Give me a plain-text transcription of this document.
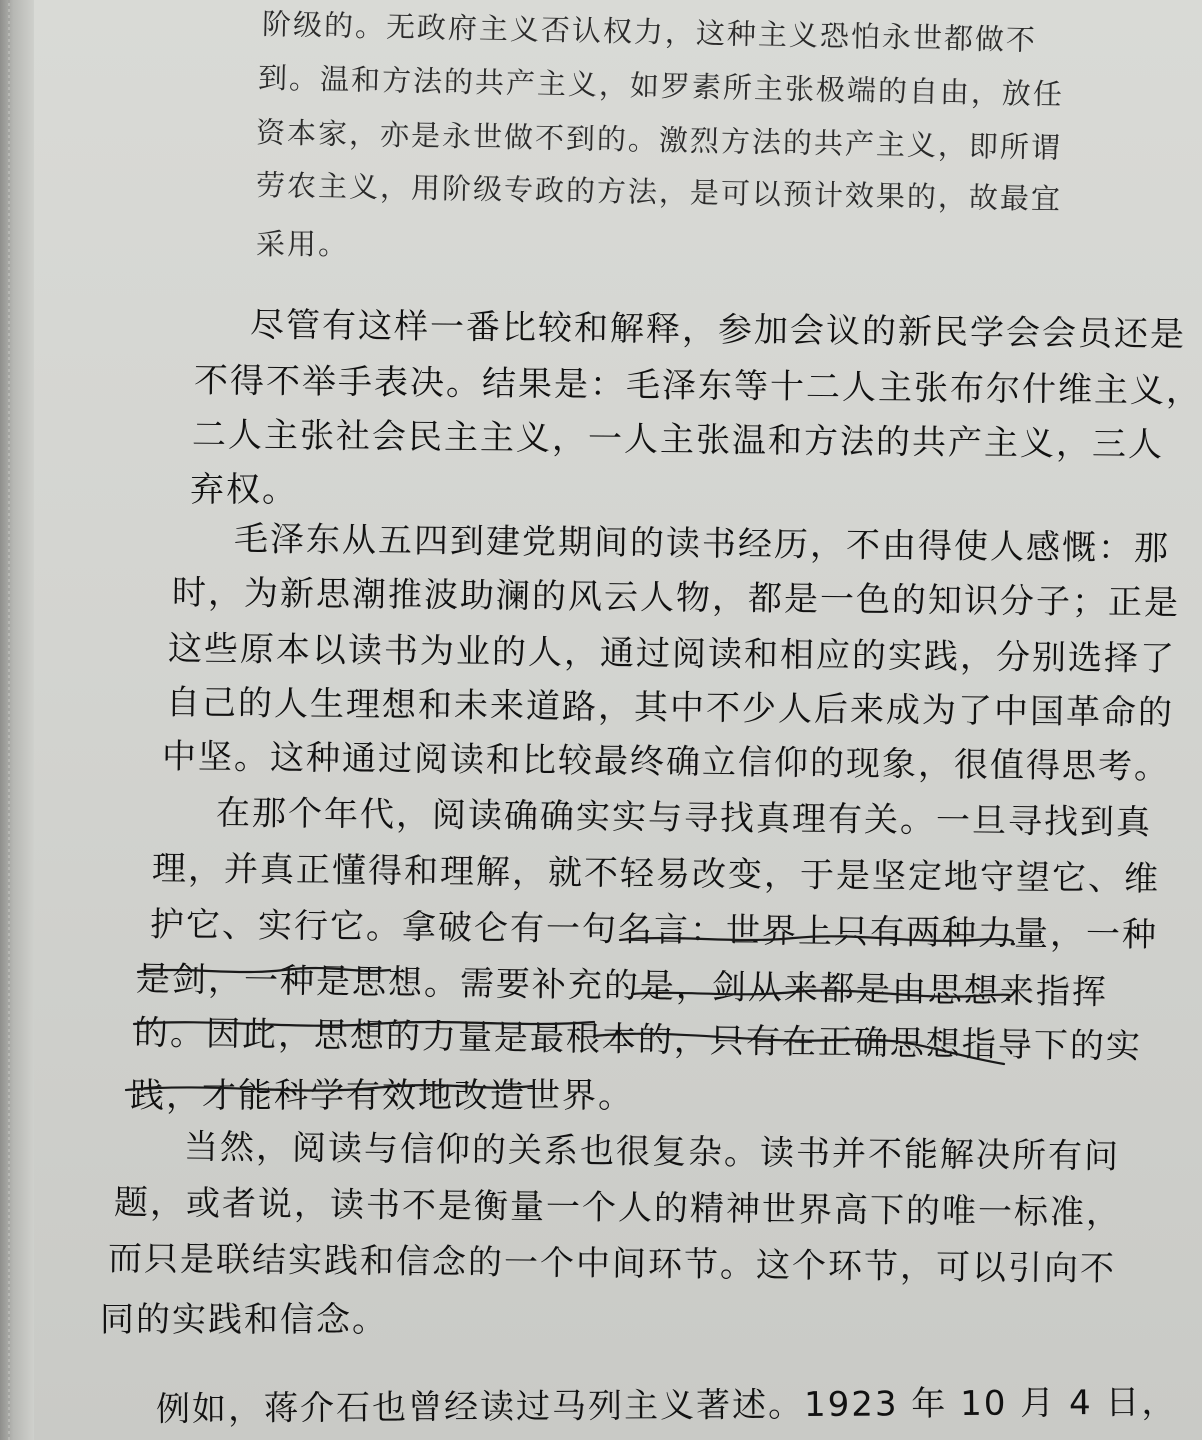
阶级的。无政府主义否认权力，这种主义恐怕永世都做不
到。温和方法的共产主义，如罗素所主张极端的自由，放任
资本家，亦是永世做不到的。激烈方法的共产主义，即所谓
劳农主义，用阶级专政的方法，是可以预计效果的，故最宜
采用。
尽管有这样一番比较和解释，参加会议的新民学会会员还是
不得不举手表决。结果是：毛泽东等十二人主张布尔什维主义，
二人主张社会民主主义，一人主张温和方法的共产主义，三人
弃权。
毛泽东从五四到建党期间的读书经历，不由得使人感慨：那
时，为新思潮推波助澜的风云人物，都是一色的知识分子；正是
这些原本以读书为业的人，通过阅读和相应的实践，分别选择了
自己的人生理想和未来道路，其中不少人后来成为了中国革命的
中坚。这种通过阅读和比较最终确立信仰的现象，很值得思考。
在那个年代，阅读确确实实与寻找真理有关。一旦寻找到真
理，并真正懂得和理解，就不轻易改变，于是坚定地守望它、维
护它、实行它。拿破仑有一句名言：世界上只有两种力量，一种
是剑，一种是思想。需要补充的是，剑从来都是由思想来指挥
的。因此，思想的力量是最根本的，只有在正确思想指导下的实
践，才能科学有效地改造世界。
当然，阅读与信仰的关系也很复杂。读书并不能解决所有问
题，或者说，读书不是衡量一个人的精神世界高下的唯一标准，
而只是联结实践和信念的一个中间环节。这个环节，可以引向不
同的实践和信念。
例如，蒋介石也曾经读过马列主义著述。1923 年 10 月 4 日，
